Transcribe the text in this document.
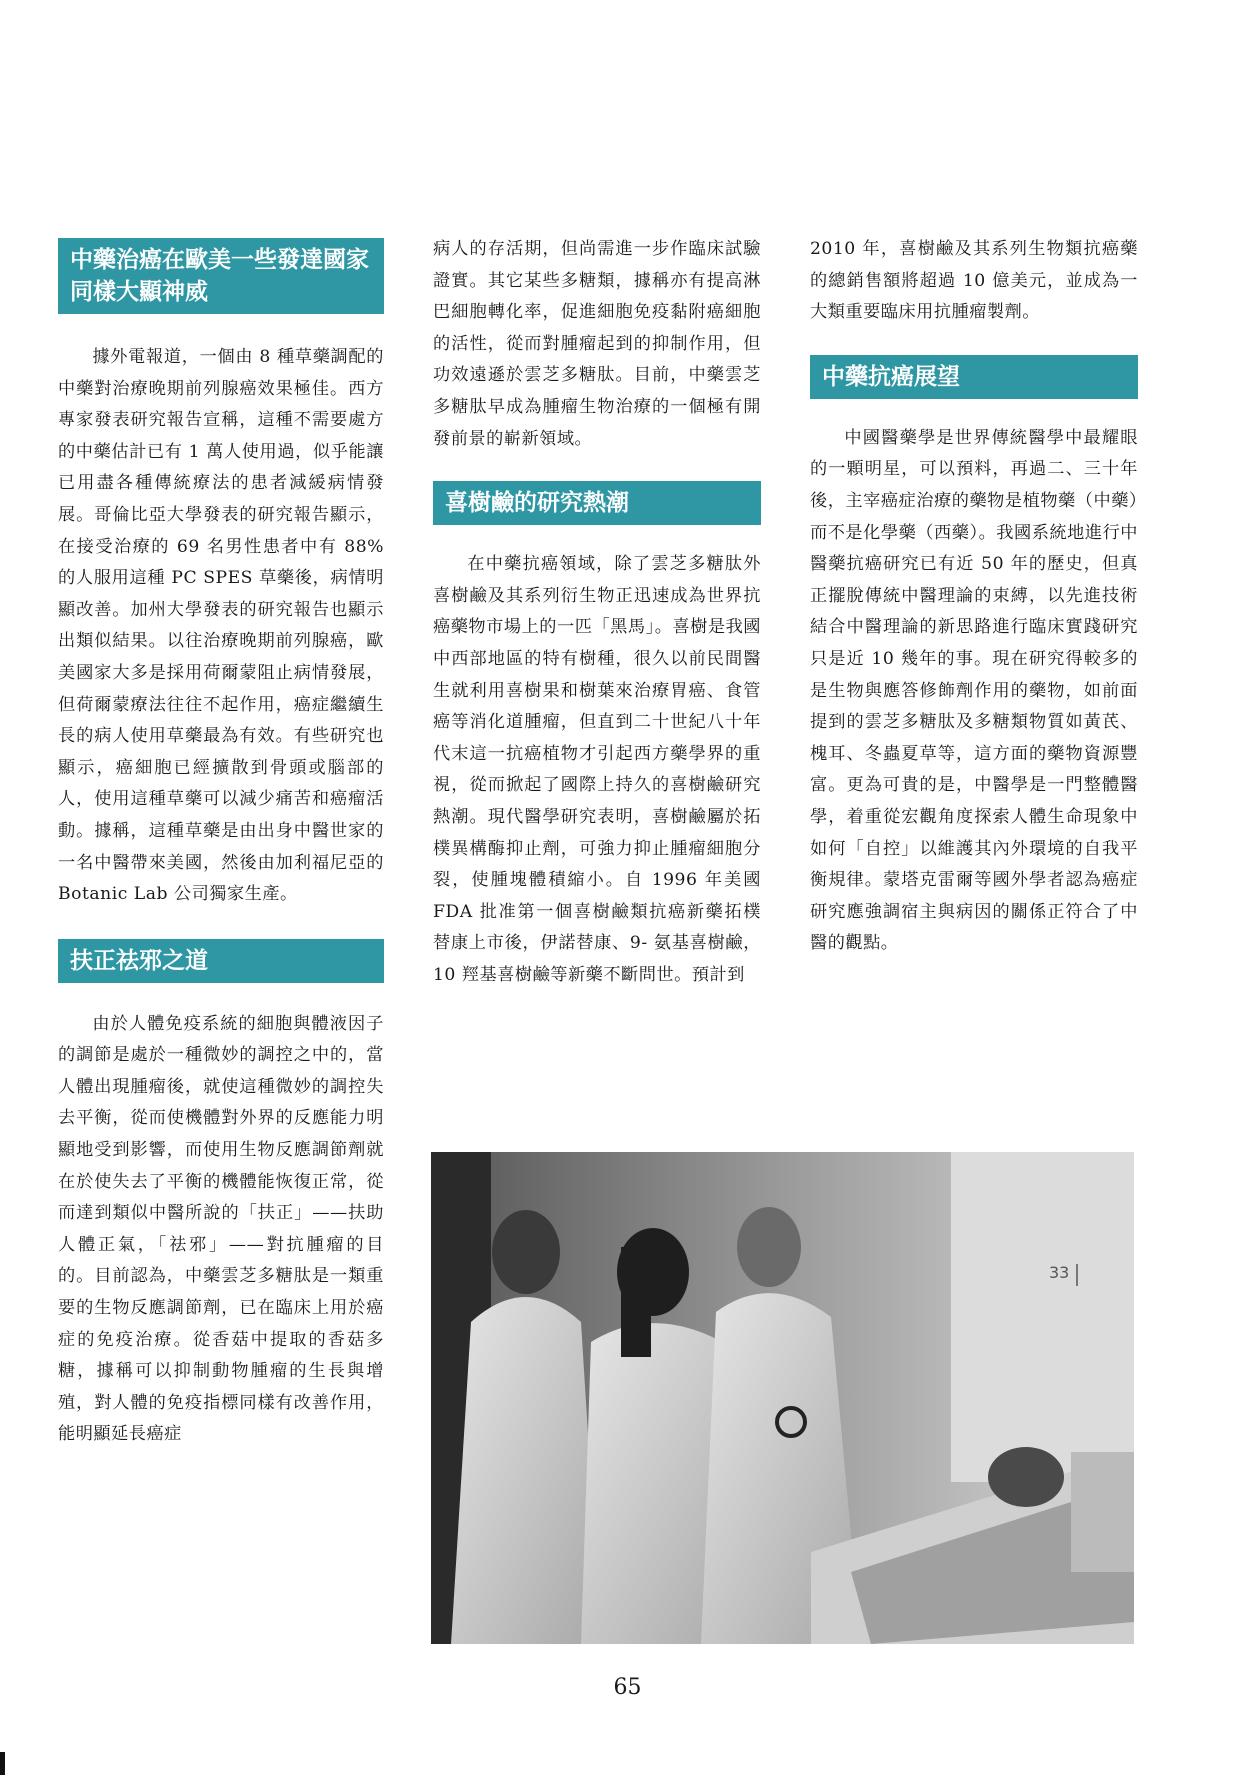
中藥治癌在歐美一些發達國家同樣大顯神威

據外電報道，一個由 8 種草藥調配的中藥對治療晚期前列腺癌效果極佳。西方專家發表研究報告宣稱，這種不需要處方的中藥估計已有 1 萬人使用過，似乎能讓已用盡各種傳統療法的患者減緩病情發展。哥倫比亞大學發表的研究報告顯示，在接受治療的 69 名男性患者中有 88% 的人服用這種 PC SPES 草藥後，病情明顯改善。加州大學發表的研究報告也顯示出類似結果。以往治療晚期前列腺癌，歐美國家大多是採用荷爾蒙阻止病情發展，但荷爾蒙療法往往不起作用，癌症繼續生長的病人使用草藥最為有效。有些研究也顯示，癌細胞已經擴散到骨頭或腦部的人，使用這種草藥可以減少痛苦和癌瘤活動。據稱，這種草藥是由出身中醫世家的一名中醫帶來美國，然後由加利福尼亞的 Botanic Lab 公司獨家生產。

扶正祛邪之道

由於人體免疫系統的細胞與體液因子的調節是處於一種微妙的調控之中的，當人體出現腫瘤後，就使這種微妙的調控失去平衡，從而使機體對外界的反應能力明顯地受到影響，而使用生物反應調節劑就在於使失去了平衡的機體能恢復正常，從而達到類似中醫所說的「扶正」——扶助人體正氣，「祛邪」——對抗腫瘤的目的。目前認為，中藥雲芝多糖肽是一類重要的生物反應調節劑，已在臨床上用於癌症的免疫治療。從香菇中提取的香菇多糖，據稱可以抑制動物腫瘤的生長與增殖，對人體的免疫指標同樣有改善作用，能明顯延長癌症

病人的存活期，但尚需進一步作臨床試驗證實。其它某些多糖類，據稱亦有提高淋巴細胞轉化率，促進細胞免疫黏附癌細胞的活性，從而對腫瘤起到的抑制作用，但功效遠遜於雲芝多糖肽。目前，中藥雲芝多糖肽早成為腫瘤生物治療的一個極有開發前景的嶄新領域。

喜樹鹼的研究熱潮

在中藥抗癌領域，除了雲芝多糖肽外喜樹鹼及其系列衍生物正迅速成為世界抗癌藥物市場上的一匹「黑馬」。喜樹是我國中西部地區的特有樹種，很久以前民間醫生就利用喜樹果和樹葉來治療胃癌、食管癌等消化道腫瘤，但直到二十世紀八十年代末這一抗癌植物才引起西方藥學界的重視，從而掀起了國際上持久的喜樹鹼研究熱潮。現代醫學研究表明，喜樹鹼屬於拓樸異構酶抑止劑，可強力抑止腫瘤細胞分裂，使腫塊體積縮小。自 1996 年美國 FDA 批准第一個喜樹鹼類抗癌新藥拓樸替康上市後，伊諾替康、9- 氨基喜樹鹼，10 羥基喜樹鹼等新藥不斷問世。預計到

2010 年，喜樹鹼及其系列生物類抗癌藥的總銷售額將超過 10 億美元，並成為一大類重要臨床用抗腫瘤製劑。

中藥抗癌展望

中國醫藥學是世界傳統醫學中最耀眼的一顆明星，可以預料，再過二、三十年後，主宰癌症治療的藥物是植物藥（中藥）而不是化學藥（西藥）。我國系統地進行中醫藥抗癌研究已有近 50 年的歷史，但真正擺脫傳統中醫理論的束縛，以先進技術結合中醫理論的新思路進行臨床實踐研究只是近 10 幾年的事。現在研究得較多的是生物與應答修飾劑作用的藥物，如前面提到的雲芝多糖肽及多糖類物質如黃芪、槐耳、冬蟲夏草等，這方面的藥物資源豐富。更為可貴的是，中醫學是一門整體醫學，着重從宏觀角度探索人體生命現象中如何「自控」以維護其內外環境的自我平衡規律。蒙塔克雷爾等國外學者認為癌症研究應強調宿主與病因的關係正符合了中醫的觀點。

33
65
